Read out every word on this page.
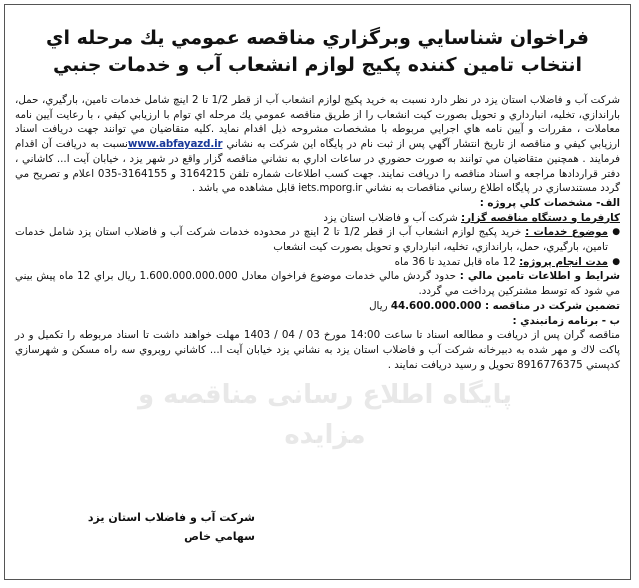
فراخوان شناسايي وبرگزاري مناقصه عمومي يك مرحله اي
انتخاب تامين كننده پكيج لوازم انشعاب آب و خدمات جنبي

شركت آب و فاضلاب استان يزد در نظر دارد نسبت به خريد پكيج لوازم انشعاب آب از قطر 1/2 تا 2 اينچ شامل خدمات تامين، بارگيري، حمل، باراندازي، تخليه، انبارداري و تحويل بصورت كيت انشعاب را از طريق مناقصه عمومي يك مرحله اي توام با ارزيابي كيفي ، با رعايت آيين نامه معاملات ، مقررات و آيين نامه هاي اجرايي مربوطه با مشخصات مشروحه ذيل اقدام نمايد .كليه متقاضيان مي توانند جهت دريافت اسناد ارزيابي كيفي و مناقصه از تاريخ انتشار آگهي پس از ثبت نام در پايگاه اين شركت به نشاني www.abfayazd.irنسبت به دريافت آن اقدام فرمايند . همچنين متقاضيان مي توانند به صورت حضوري در ساعات اداري به نشاني مناقصه گزار واقع در شهر يزد ، خيابان آيت ا... كاشاني ، دفتر قراردادها مراجعه و اسناد مناقصه را دريافت نمايند. جهت كسب اطلاعات شماره تلفن 3164215 و 3164155-035 اعلام و تصريح مي گردد مستندسازي در پايگاه اطلاع رساني مناقصات به نشاني iets.mporg.ir قابل مشاهده مي باشد .

الف- مشخصات كلي پروژه :

كارفرما و دستگاه مناقصه گزار: شركت آب و فاضلاب استان يزد

●
موضوع خدمات : خريد پكيج لوازم انشعاب آب از قطر 1/2 تا 2 اينچ در محدوده خدمات شركت آب و فاضلاب استان يزد شامل خدمات تامين، بارگيري، حمل، باراندازي، تخليه، انبارداري و تحويل بصورت كيت انشعاب

●
مدت انجام پروژه: 12 ماه قابل تمديد تا 36 ماه

شرايط و اطلاعات تامين مالي : حدود گردش مالي خدمات موضوع فراخوان معادل 1.600.000.000.000 ريال براي 12 ماه پيش بيني مي شود كه توسط مشتركين پرداخت مي گردد.

تضمين شركت در مناقصه : 44.600.000.000 ريال

ب - برنامه زمانبندي :

مناقصه گران پس از دريافت و مطالعه اسناد تا ساعت 14:00 مورخ 03 / 04 / 1403 مهلت خواهند داشت تا اسناد مربوطه را تكميل و در پاكت لاك و مهر شده به دبيرخانه شركت آب و فاضلاب استان يزد به نشاني يزد خيابان آيت ا... كاشاني روبروي سه راه مسكن و شهرسازي كدپستي 8916776375 تحويل و رسيد دريافت نمايند .

پایگاه اطلاع رسانی مناقصه و مزایده
شركت آب و فاضلاب استان يزد
سهامي خاص
